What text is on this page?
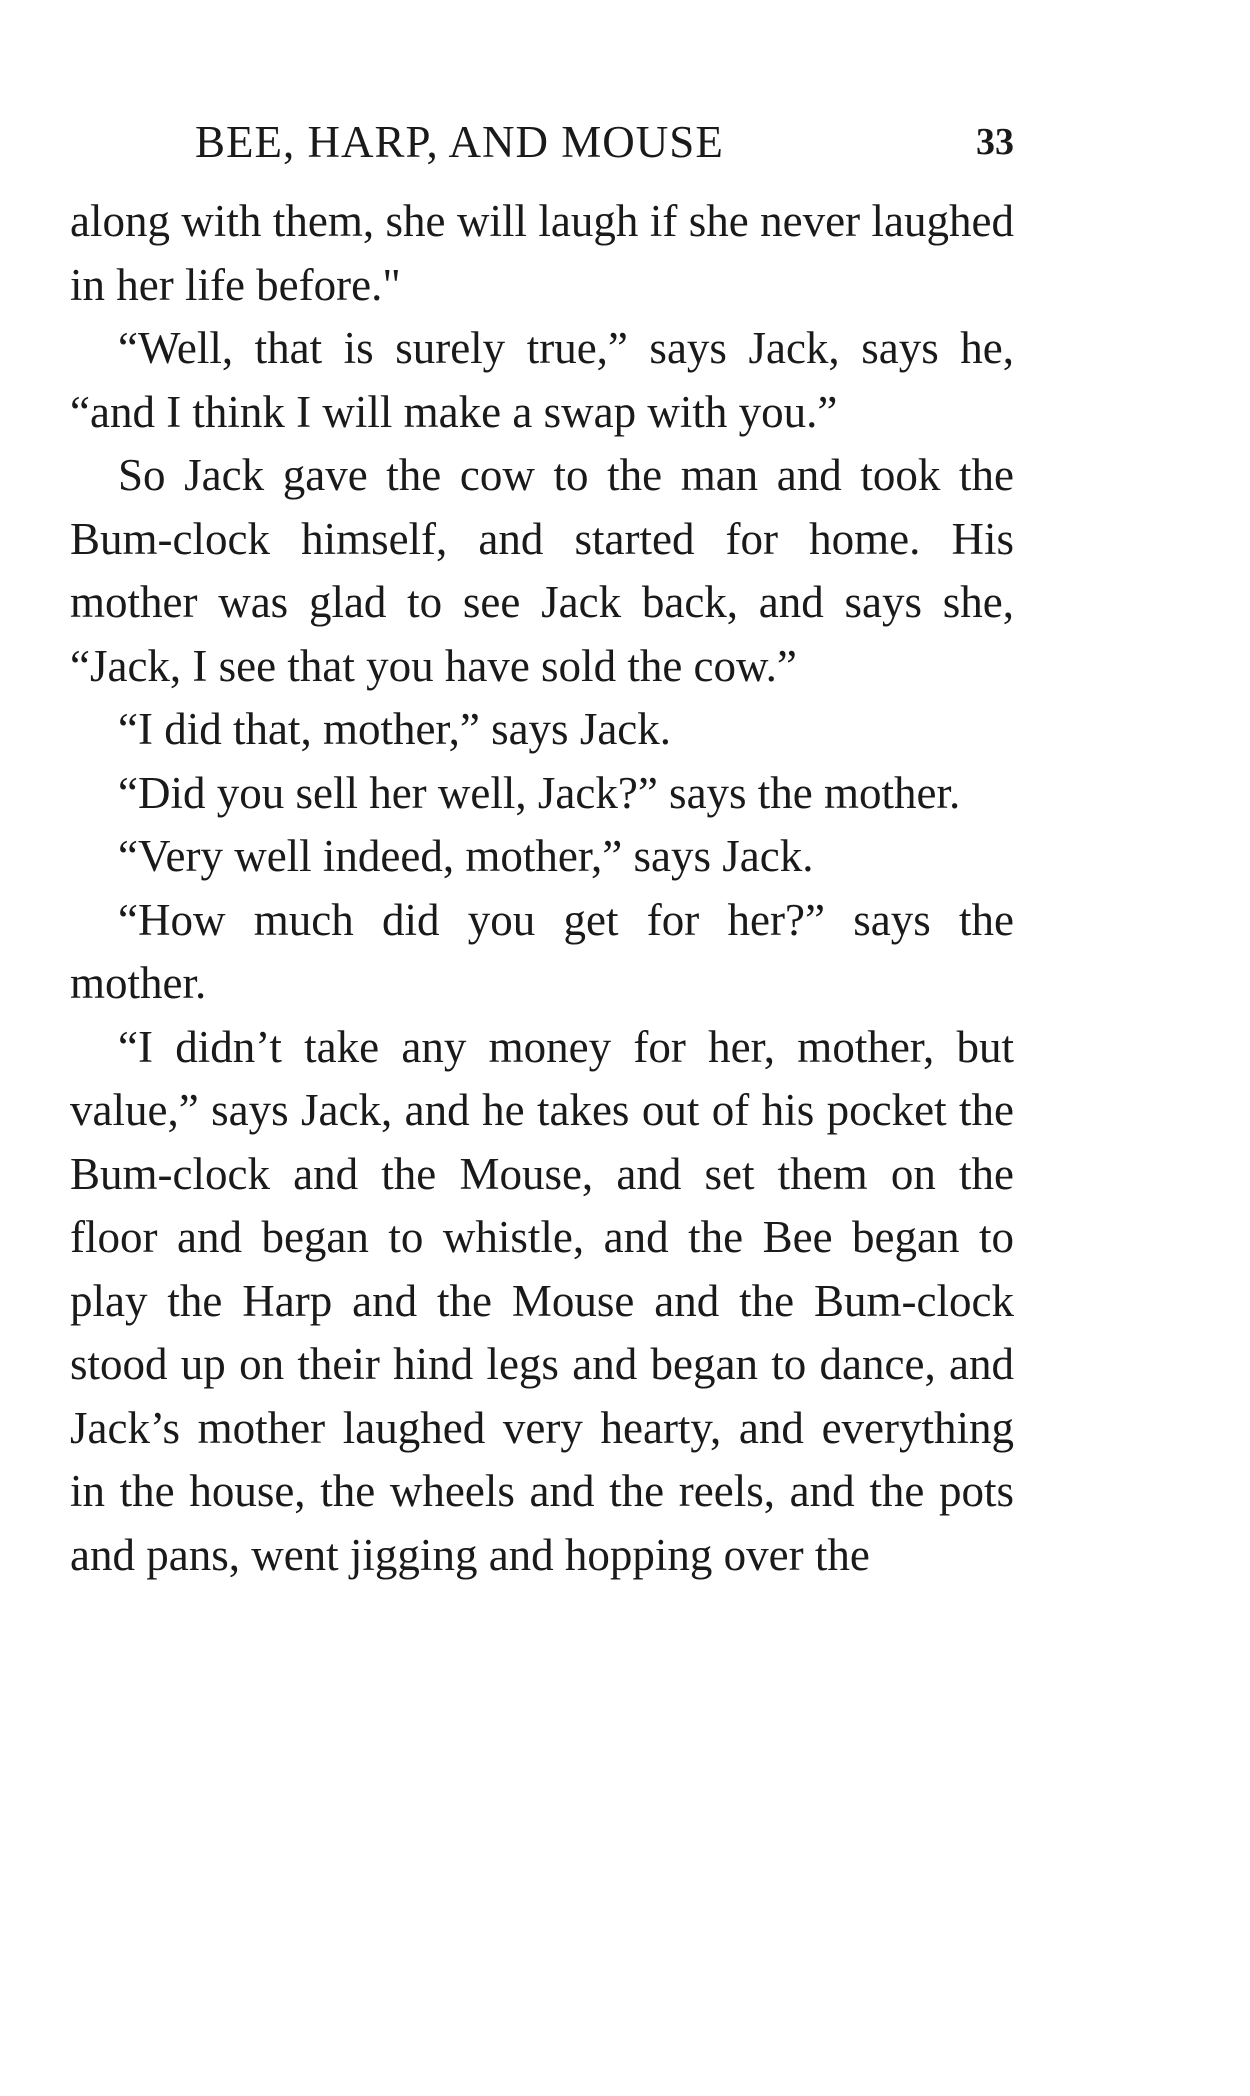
BEE, HARP, AND MOUSE	33

along with them, she will laugh if she never laughed in her life before."

“Well, that is surely true,” says Jack, says he, “and I think I will make a swap with you.”

So Jack gave the cow to the man and took the Bum-clock himself, and started for home. His mother was glad to see Jack back, and says she, “Jack, I see that you have sold the cow.”

“I did that, mother,” says Jack.

“Did you sell her well, Jack?” says the mother.

“Very well indeed, mother,” says Jack.

“How much did you get for her?” says the mother.

“I didn’t take any money for her, mother, but value,” says Jack, and he takes out of his pocket the Bum-clock and the Mouse, and set them on the floor and began to whistle, and the Bee began to play the Harp and the Mouse and the Bum-clock stood up on their hind legs and began to dance, and Jack’s mother laughed very hearty, and everything in the house, the wheels and the reels, and the pots and pans, went jigging and hopping over the
